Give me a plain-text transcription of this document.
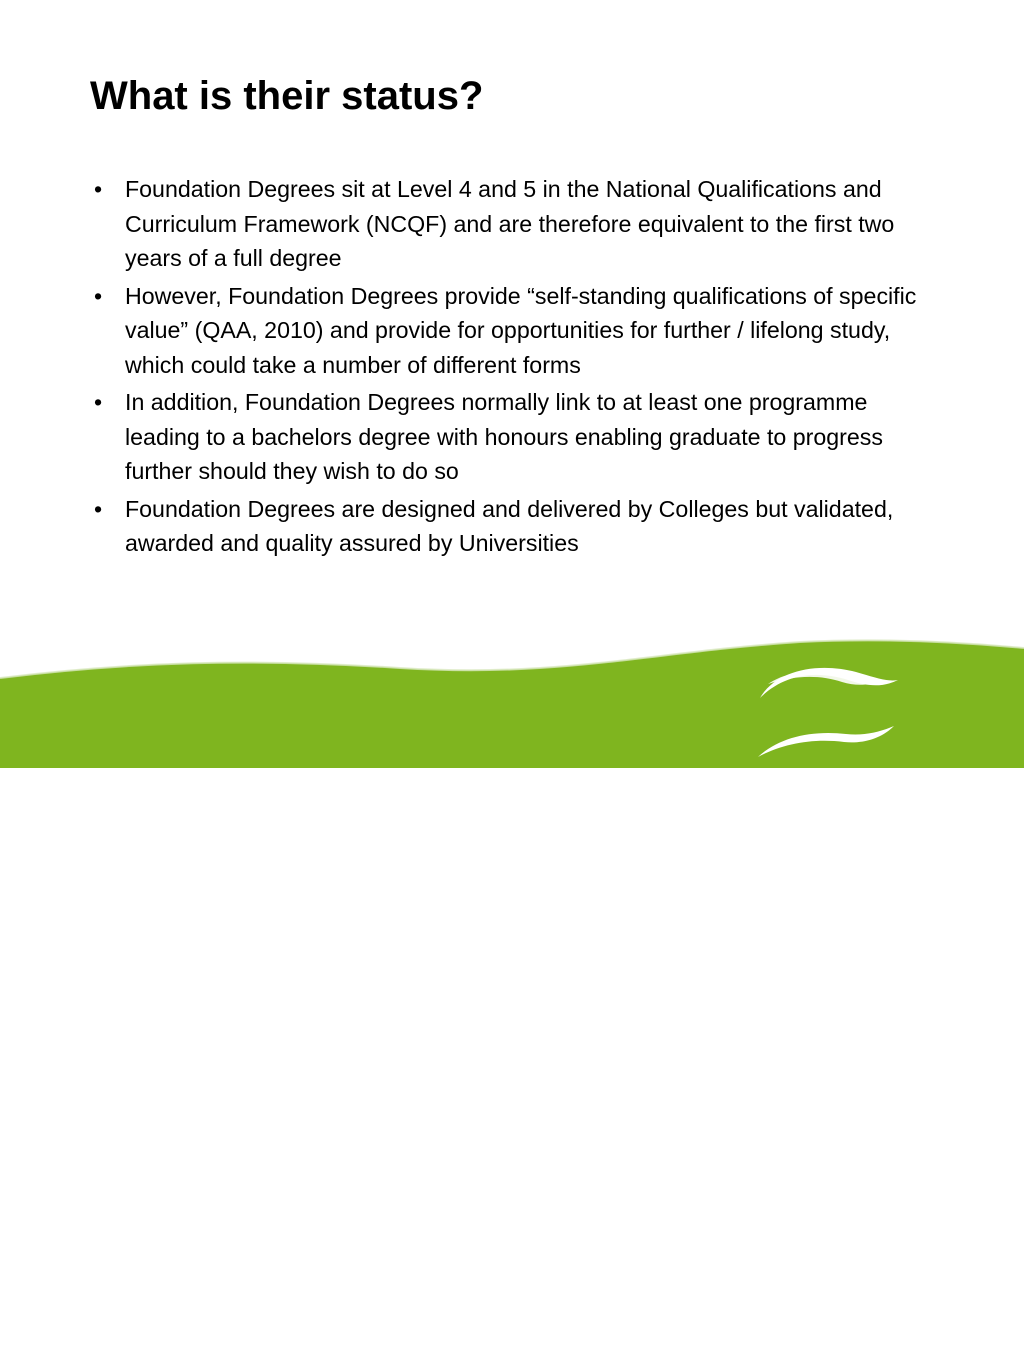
What is their status?
• Foundation Degrees sit at Level 4 and 5 in the National Qualifications and Curriculum Framework (NCQF) and are therefore equivalent to the first two years of a full degree
• However, Foundation Degrees provide “self-standing qualifications of specific value” (QAA, 2010) and provide for opportunities for further / lifelong study, which could take a number of different forms
• In addition, Foundation Degrees normally link to at least one programme leading to a bachelors degree with honours enabling graduate to progress further should they wish to do so
• Foundation Degrees are designed and delivered by Colleges but validated, awarded and quality assured by Universities
Bicton College
